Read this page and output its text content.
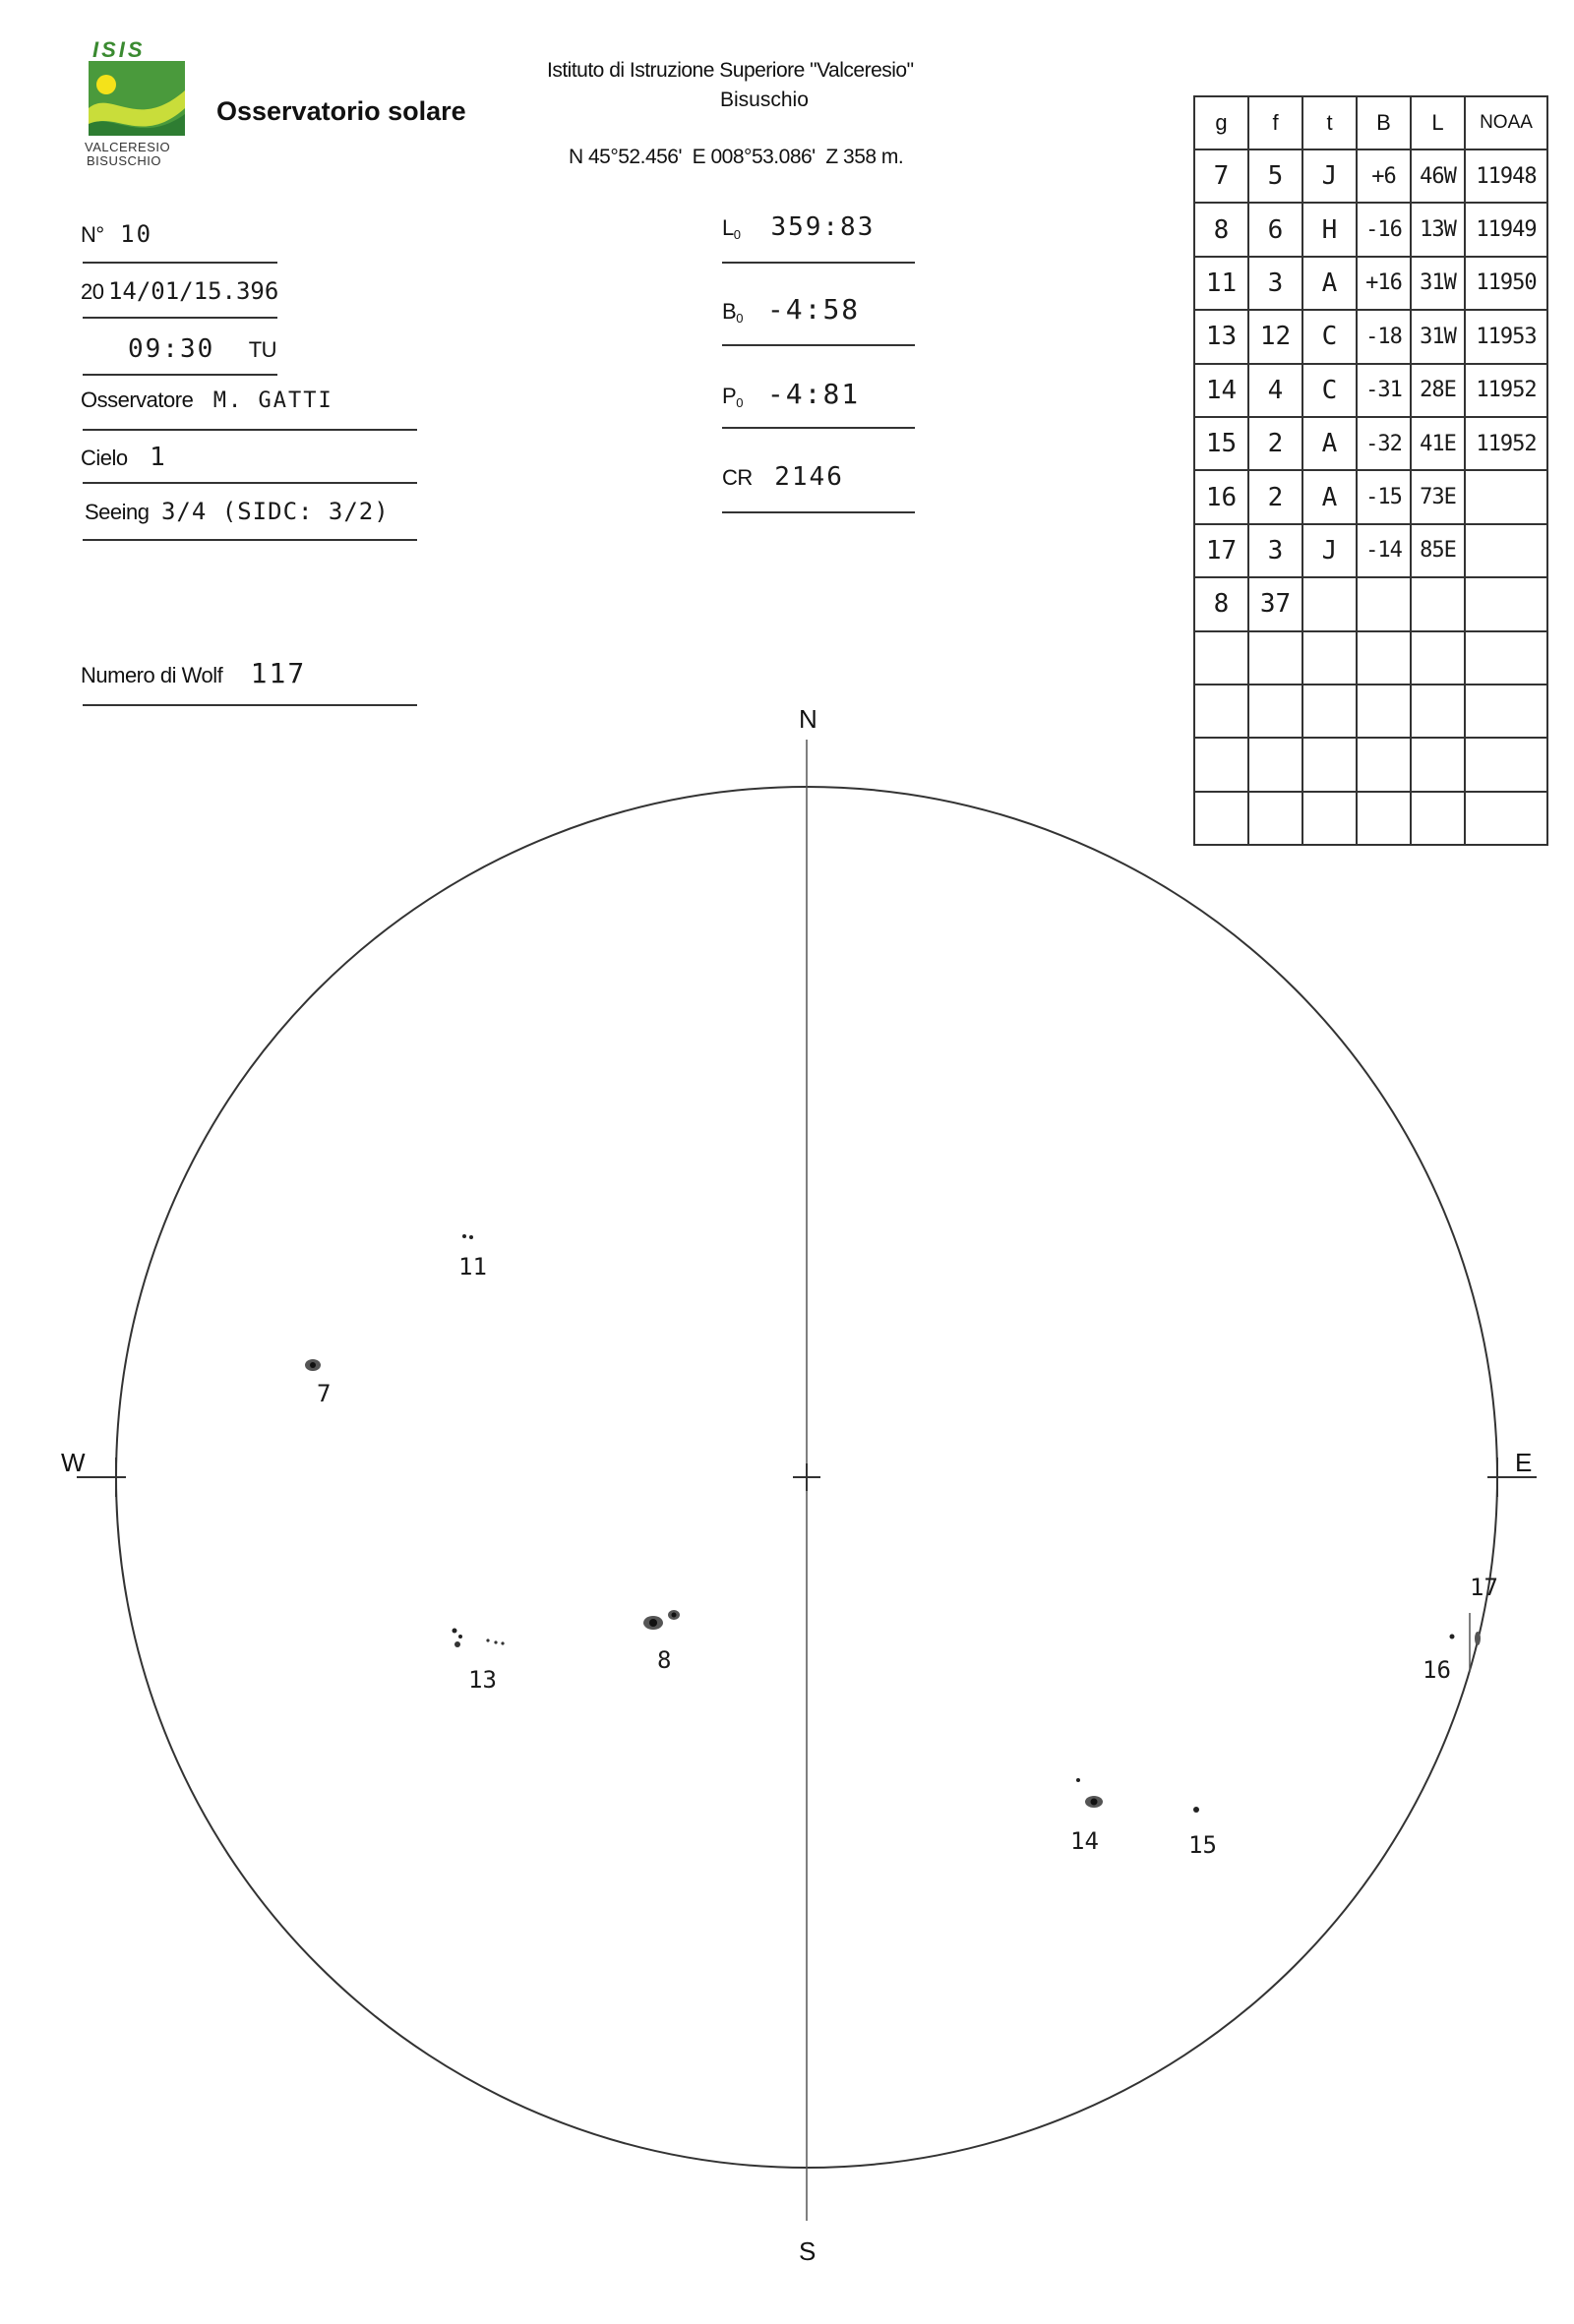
ISIS
VALCERESIO
BISUSCHIO
Osservatorio solare
Istituto di Istruzione Superiore "Valceresio"
Bisuschio
N 45°52.456'  E 008°53.086'  Z 358 m.
N° 10
20 14/01/15.396
09:30 TU
Osservatore M. GATTI
Cielo 1
Seeing 3/4 (SIDC: 3/2)
Numero di Wolf 117
$L_0$ 359:83
$B_0$ -4:58
$P_0$ -4:81
CR 2146
g	f	t	B	L	NOAA
7	5	J	+6	46W	11948
8	6	H	-16	13W	11949
11	3	A	+16	31W	11950
13	12	C	-18	31W	11953
14	4	C	-31	28E	11952
15	2	A	-32	41E	11952
16	2	A	-15	73E	
17	3	J	-14	85E	
8	37				

N
S
W	E
11
7
13
8
14	15
16
17
